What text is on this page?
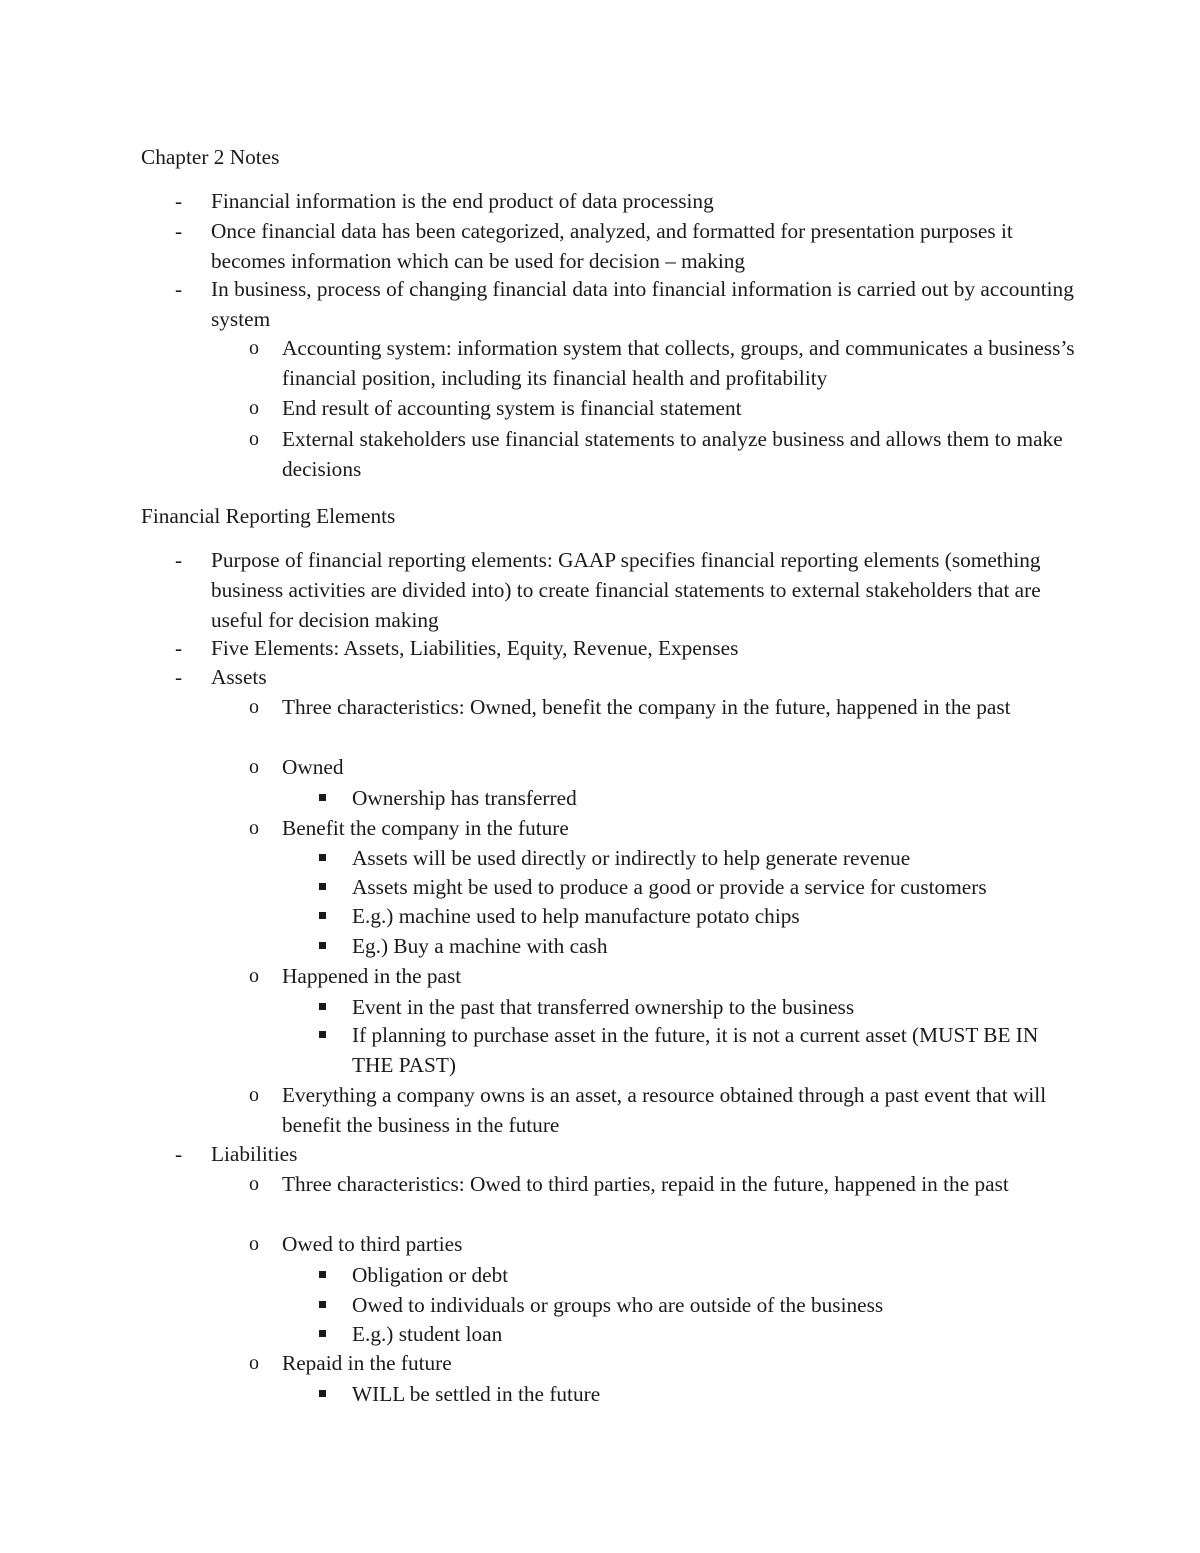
Chapter 2 Notes
- Financial information is the end product of data processing
- Once financial data has been categorized, analyzed, and formatted for presentation purposes it becomes information which can be used for decision – making
- In business, process of changing financial data into financial information is carried out by accounting system
o Accounting system: information system that collects, groups, and communicates a business’s financial position, including its financial health and profitability
o End result of accounting system is financial statement
o External stakeholders use financial statements to analyze business and allows them to make decisions
Financial Reporting Elements
- Purpose of financial reporting elements: GAAP specifies financial reporting elements (something business activities are divided into) to create financial statements to external stakeholders that are useful for decision making
- Five Elements: Assets, Liabilities, Equity, Revenue, Expenses
- Assets
o Three characteristics: Owned, benefit the company in the future, happened in the past
o Owned
Ownership has transferred
o Benefit the company in the future
Assets will be used directly or indirectly to help generate revenue
Assets might be used to produce a good or provide a service for customers
E.g.) machine used to help manufacture potato chips
Eg.) Buy a machine with cash
o Happened in the past
Event in the past that transferred ownership to the business
If planning to purchase asset in the future, it is not a current asset (MUST BE IN THE PAST)
o Everything a company owns is an asset, a resource obtained through a past event that will benefit the business in the future
- Liabilities
o Three characteristics: Owed to third parties, repaid in the future, happened in the past
o Owed to third parties
Obligation or debt
Owed to individuals or groups who are outside of the business
E.g.) student loan
o Repaid in the future
WILL be settled in the future
